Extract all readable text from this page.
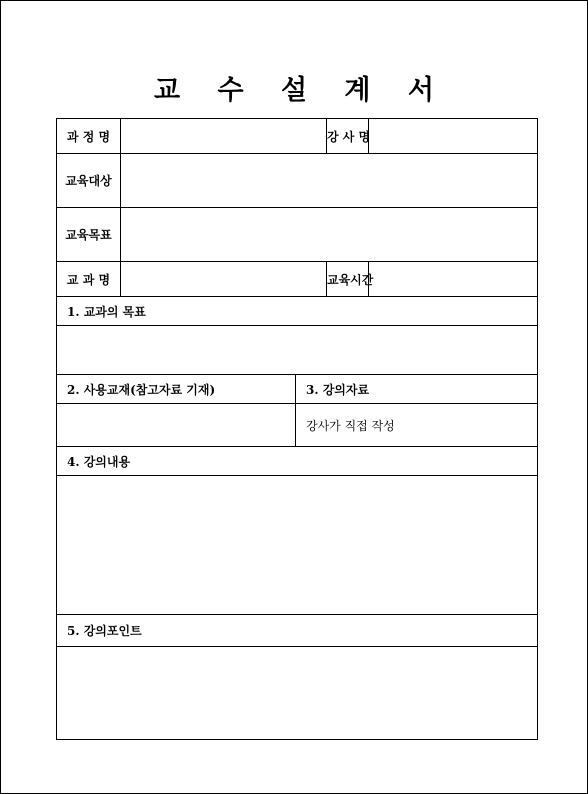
교 수 설 계 서
과 정 명			강 사 명	
교육대상				
교육목표				
교 과 명			교육시간	
1. 교과의 목표				

2. 사용교재(참고자료 기재)		3. 강의자료		
		강사가 직접 작성		
4. 강의내용				

5. 강의포인트				
